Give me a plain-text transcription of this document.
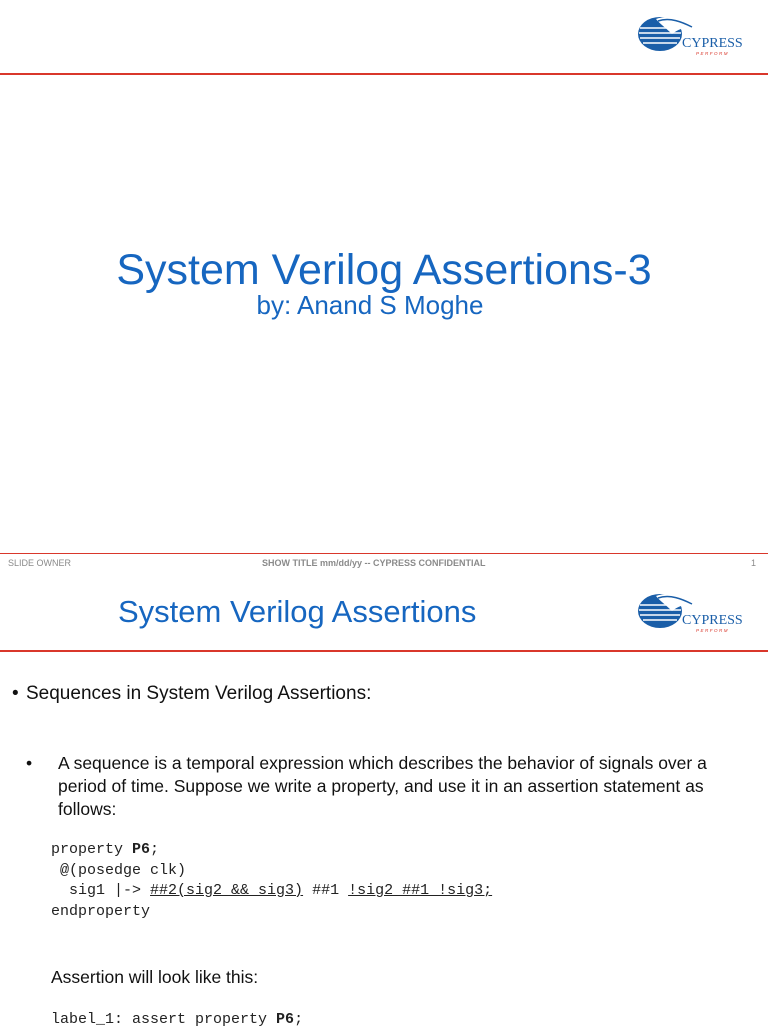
CYPRESS
PERFORM
System Verilog Assertions-3
by: Anand S Moghe
SLIDE OWNER	SHOW TITLE mm/dd/yy -- CYPRESS CONFIDENTIAL	1
System Verilog Assertions	CYPRESS
PERFORM
• Sequences in System Verilog Assertions:
• A sequence is a temporal expression which describes the behavior of signals over a period of time. Suppose we write a property, and use it in an assertion statement as follows:
property P6;
@(posedge clk)
sig1 |-> ##2(sig2 && sig3) ##1 !sig2 ##1 !sig3;
endproperty
Assertion will look like this:
label_1: assert property P6;
